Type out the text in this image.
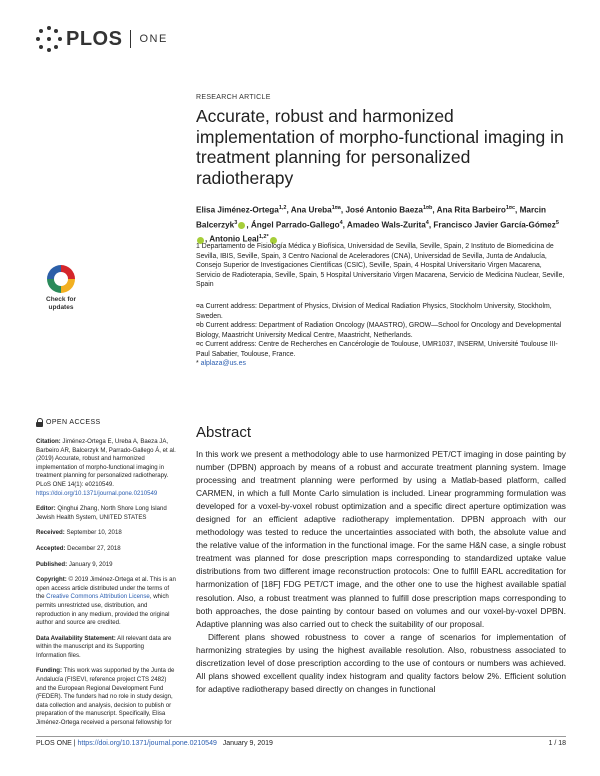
PLOS ONE
Check for updates
OPEN ACCESS

Citation: Jiménez-Ortega E, Ureba A, Baeza JA, Barbeiro AR, Balcerzyk M, Parrado-Gallego Á, et al. (2019) Accurate, robust and harmonized implementation of morpho-functional imaging in treatment planning for personalized radiotherapy. PLoS ONE 14(1): e0210549. https://doi.org/10.1371/journal.pone.0210549

Editor: Qinghui Zhang, North Shore Long Island Jewish Health System, UNITED STATES

Received: September 10, 2018

Accepted: December 27, 2018

Published: January 9, 2019

Copyright: © 2019 Jiménez-Ortega et al. This is an open access article distributed under the terms of the Creative Commons Attribution License, which permits unrestricted use, distribution, and reproduction in any medium, provided the original author and source are credited.

Data Availability Statement: All relevant data are within the manuscript and its Supporting Information files.

Funding: This work was supported by the Junta de Andalucía (FISEVI, reference project CTS 2482) and the European Regional Development Fund (FEDER). The funders had no role in study design, data collection and analysis, decision to publish or preparation of the manuscript. Specifically, Elisa Jiménez-Ortega received a personal fellowship for

RESEARCH ARTICLE
Accurate, robust and harmonized implementation of morpho-functional imaging in treatment planning for personalized radiotherapy
Elisa Jiménez-Ortega$^{1,2}$, Ana Ureba$^{1¤a}$, José Antonio Baeza$^{1¤b}$, Ana Rita Barbeiro$^{1¤c}$, Marcin Balcerzyk$^3$ , Ángel Parrado-Gallego$^4$, Amadeo Wals-Zurita$^4$, Francisco Javier García-Gómez$^5$, Antonio Leal$^{1,2*}$
1 Departamento de Fisiología Médica y Biofísica, Universidad de Sevilla, Seville, Spain, 2 Instituto de Biomedicina de Sevilla, IBIS, Seville, Spain, 3 Centro Nacional de Aceleradores (CNA), Universidad de Sevilla, Junta de Andalucía, Consejo Superior de Investigaciones Científicas (CSIC), Seville, Spain, 4 Hospital Universitario Virgen Macarena, Servicio de Radioterapia, Seville, Spain, 5 Hospital Universitario Virgen Macarena, Servicio de Medicina Nuclear, Seville, Spain

¤a Current address: Department of Physics, Division of Medical Radiation Physics, Stockholm University, Stockholm, Sweden.

¤b Current address: Department of Radiation Oncology (MAASTRO), GROW—School for Oncology and Developmental Biology, Maastricht University Medical Centre, Maastricht, Netherlands.

¤c Current address: Centre de Recherches en Cancérologie de Toulouse, UMR1037, INSERM, Université Toulouse III-Paul Sabatier, Toulouse, France.

* alplaza@us.es

Abstract

In this work we present a methodology able to use harmonized PET/CT imaging in dose painting by number (DPBN) approach by means of a robust and accurate treatment planning system. Image processing and treatment planning were performed by using a Matlab-based platform, called CARMEN, in which a full Monte Carlo simulation is included. Linear programming formulation was developed for a voxel-by-voxel robust optimization and a specific direct aperture optimization was designed for an efficient adaptive radiotherapy implementation. DPBN approach with our methodology was tested to reduce the uncertainties associated with both, the absolute value and the relative value of the information in the functional image. For the same H&N case, a single robust treatment was planned for dose prescription maps corresponding to standardized uptake value distributions from two different image reconstruction protocols: One to fulfill EARL accreditation for harmonization of [18F] FDG PET/CT image, and the other one to use the highest available spatial resolution. Also, a robust treatment was planned to fulfill dose prescription maps corresponding to both approaches, the dose painting by contour based on volumes and our voxel-by-voxel DPBN. Adaptive planning was also carried out to check the suitability of our proposal.

Different plans showed robustness to cover a range of scenarios for implementation of harmonizing strategies by using the highest available resolution. Also, robustness associated to discretization level of dose prescription according to the use of contours or numbers was achieved. All plans showed excellent quality index histogram and quality factors below 2%. Efficient solution for adaptive radiotherapy based directly on changes in functional

PLOS ONE | https://doi.org/10.1371/journal.pone.0210549 January 9, 2019	1 / 18
